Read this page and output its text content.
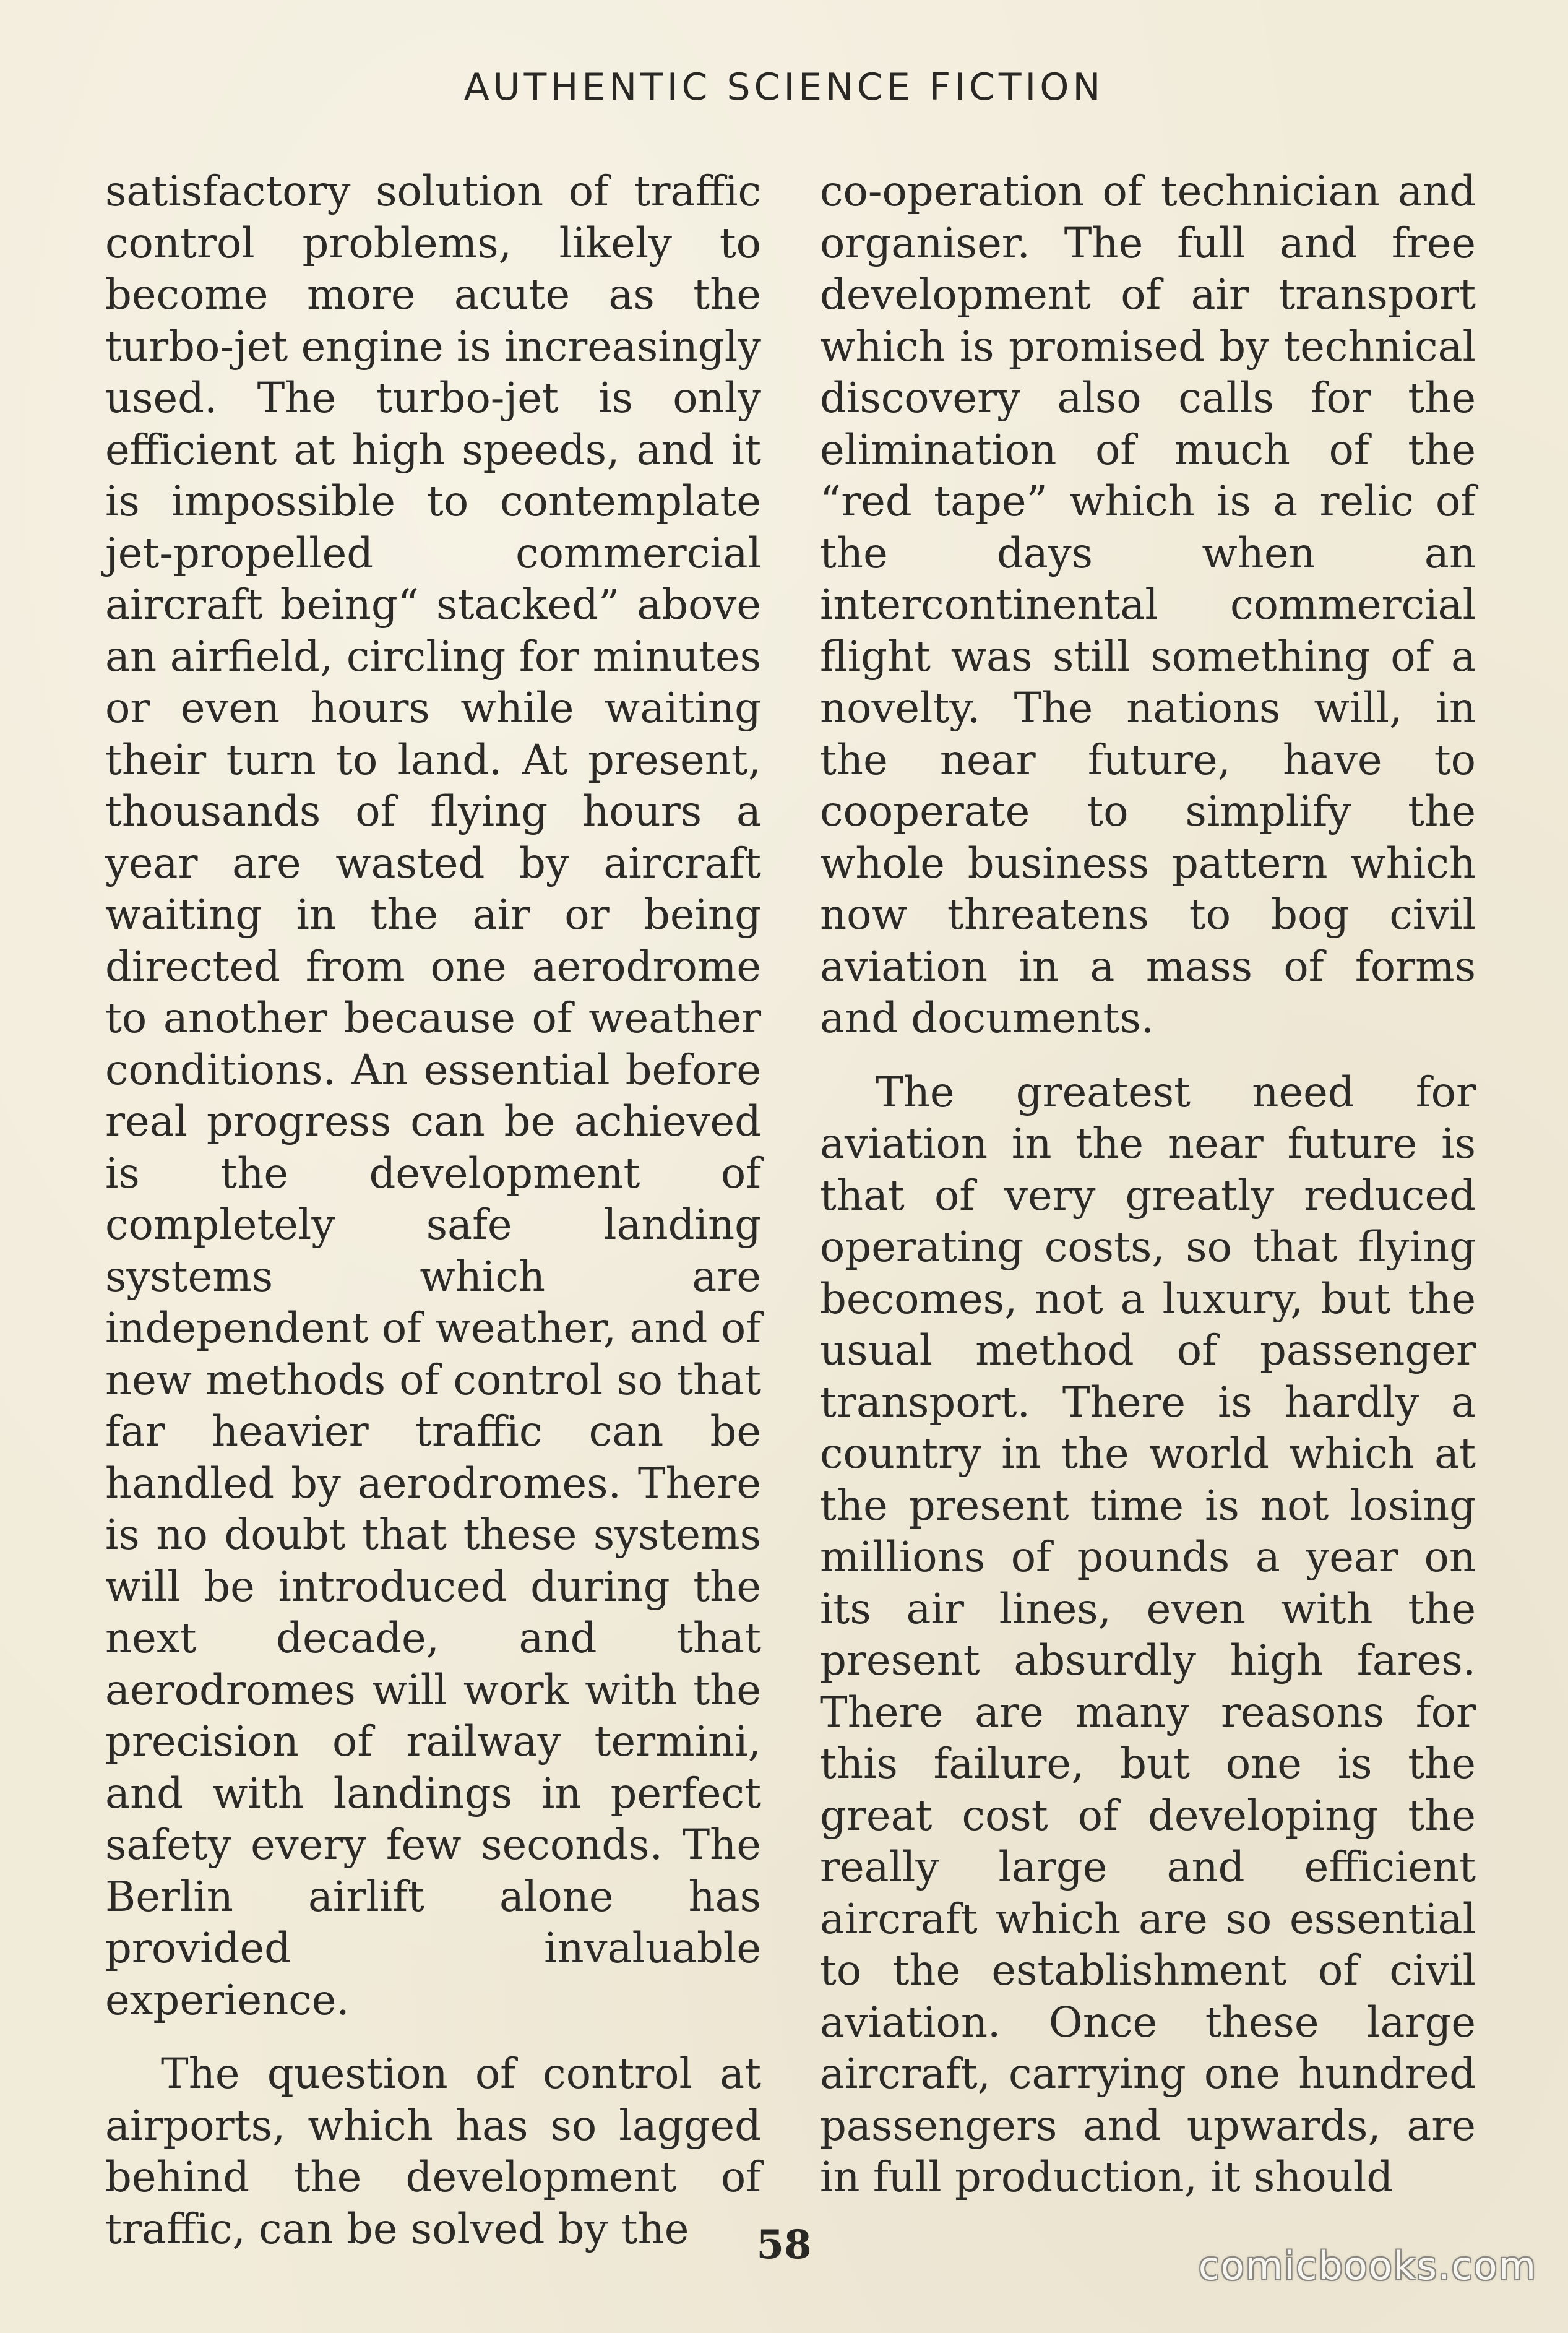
AUTHENTIC SCIENCE FICTION

satisfactory solution of traffic control problems, likely to become more acute as the turbo-jet engine is increasingly used. The turbo-jet is only efficient at high speeds, and it is impossible to contemplate jet-propelled commercial aircraft being“ stacked” above an airfield, circling for minutes or even hours while waiting their turn to land. At present, thousands of flying hours a year are wasted by aircraft waiting in the air or being directed from one aerodrome to another because of weather conditions. An essential before real progress can be achieved is the development of completely safe landing systems which are independent of weather, and of new methods of control so that far heavier traffic can be handled by aerodromes. There is no doubt that these systems will be introduced during the next decade, and that aerodromes will work with the precision of railway termini, and with landings in perfect safety every few seconds. The Berlin airlift alone has provided invaluable experience.

The question of control at airports, which has so lagged behind the development of traffic, can be solved by the

co-operation of technician and organiser. The full and free development of air transport which is promised by technical discovery also calls for the elimination of much of the “red tape” which is a relic of the days when an intercontinental commercial flight was still something of a novelty. The nations will, in the near future, have to cooperate to simplify the whole business pattern which now threatens to bog civil aviation in a mass of forms and documents.

The greatest need for aviation in the near future is that of very greatly reduced operating costs, so that flying becomes, not a luxury, but the usual method of passenger transport. There is hardly a country in the world which at the present time is not losing millions of pounds a year on its air lines, even with the present absurdly high fares. There are many reasons for this failure, but one is the great cost of developing the really large and efficient aircraft which are so essential to the establishment of civil aviation. Once these large aircraft, carrying one hundred passengers and upwards, are in full production, it should

58	comicbooks.com
